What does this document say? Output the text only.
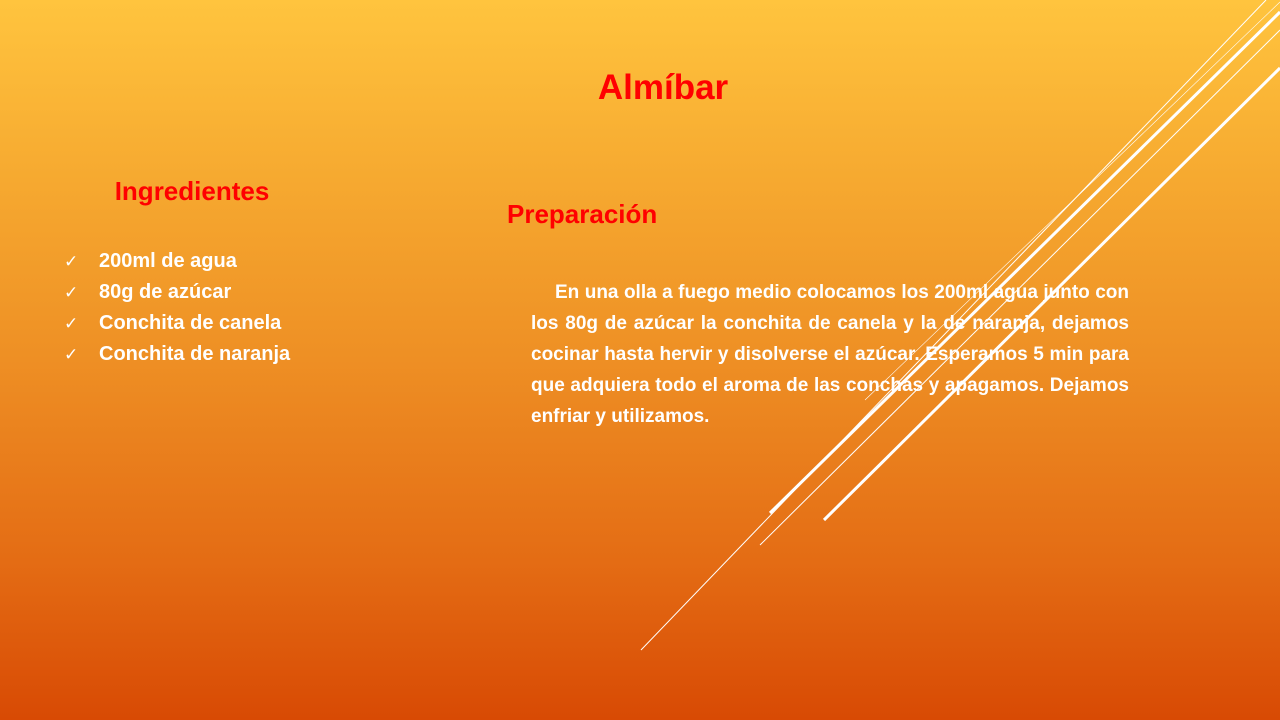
Almíbar
Ingredientes
✓ 200ml de agua
✓ 80g de azúcar
✓ Conchita de canela
✓ Conchita de naranja
Preparación

En una olla a fuego medio colocamos los 200ml agua junto con los 80g de azúcar la conchita de canela y la de naranja, dejamos cocinar hasta hervir y disolverse el azúcar. Esperamos 5 min para que adquiera todo el aroma de las conchas y apagamos. Dejamos enfriar y utilizamos.
